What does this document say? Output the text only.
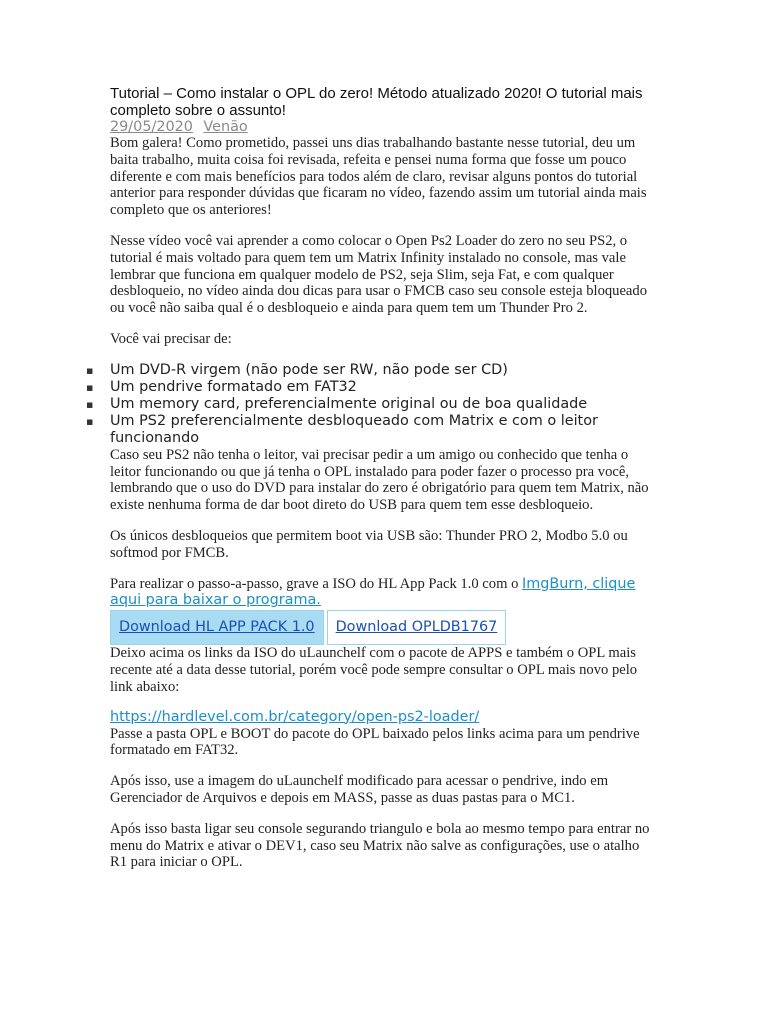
Tutorial – Como instalar o OPL do zero! Método atualizado 2020! O tutorial mais completo sobre o assunto!
29/05/2020 Venão

Bom galera! Como prometido, passei uns dias trabalhando bastante nesse tutorial, deu um baita trabalho, muita coisa foi revisada, refeita e pensei numa forma que fosse um pouco diferente e com mais benefícios para todos além de claro, revisar alguns pontos do tutorial anterior para responder dúvidas que ficaram no vídeo, fazendo assim um tutorial ainda mais completo que os anteriores!

Nesse vídeo você vai aprender a como colocar o Open Ps2 Loader do zero no seu PS2, o tutorial é mais voltado para quem tem um Matrix Infinity instalado no console, mas vale lembrar que funciona em qualquer modelo de PS2, seja Slim, seja Fat, e com qualquer desbloqueio, no vídeo ainda dou dicas para usar o FMCB caso seu console esteja bloqueado ou você não saiba qual é o desbloqueio e ainda para quem tem um Thunder Pro 2.

Você vai precisar de:

▪ Um DVD-R virgem (não pode ser RW, não pode ser CD)
▪ Um pendrive formatado em FAT32
▪ Um memory card, preferencialmente original ou de boa qualidade
▪ Um PS2 preferencialmente desbloqueado com Matrix e com o leitor funcionando

Caso seu PS2 não tenha o leitor, vai precisar pedir a um amigo ou conhecido que tenha o leitor funcionando ou que já tenha o OPL instalado para poder fazer o processo pra você, lembrando que o uso do DVD para instalar do zero é obrigatório para quem tem Matrix, não existe nenhuma forma de dar boot direto do USB para quem tem esse desbloqueio.

Os únicos desbloqueios que permitem boot via USB são: Thunder PRO 2, Modbo 5.0 ou softmod por FMCB.

Para realizar o passo-a-passo, grave a ISO do HL App Pack 1.0 com o ImgBurn, clique aqui para baixar o programa.

Download HL APP PACK 1.0	Download OPLDB1767

Deixo acima os links da ISO do uLaunchelf com o pacote de APPS e também o OPL mais recente até a data desse tutorial, porém você pode sempre consultar o OPL mais novo pelo link abaixo:

https://hardlevel.com.br/category/open-ps2-loader/

Passe a pasta OPL e BOOT do pacote do OPL baixado pelos links acima para um pendrive formatado em FAT32.

Após isso, use a imagem do uLaunchelf modificado para acessar o pendrive, indo em Gerenciador de Arquivos e depois em MASS, passe as duas pastas para o MC1.

Após isso basta ligar seu console segurando triangulo e bola ao mesmo tempo para entrar no menu do Matrix e ativar o DEV1, caso seu Matrix não salve as configurações, use o atalho R1 para iniciar o OPL.
